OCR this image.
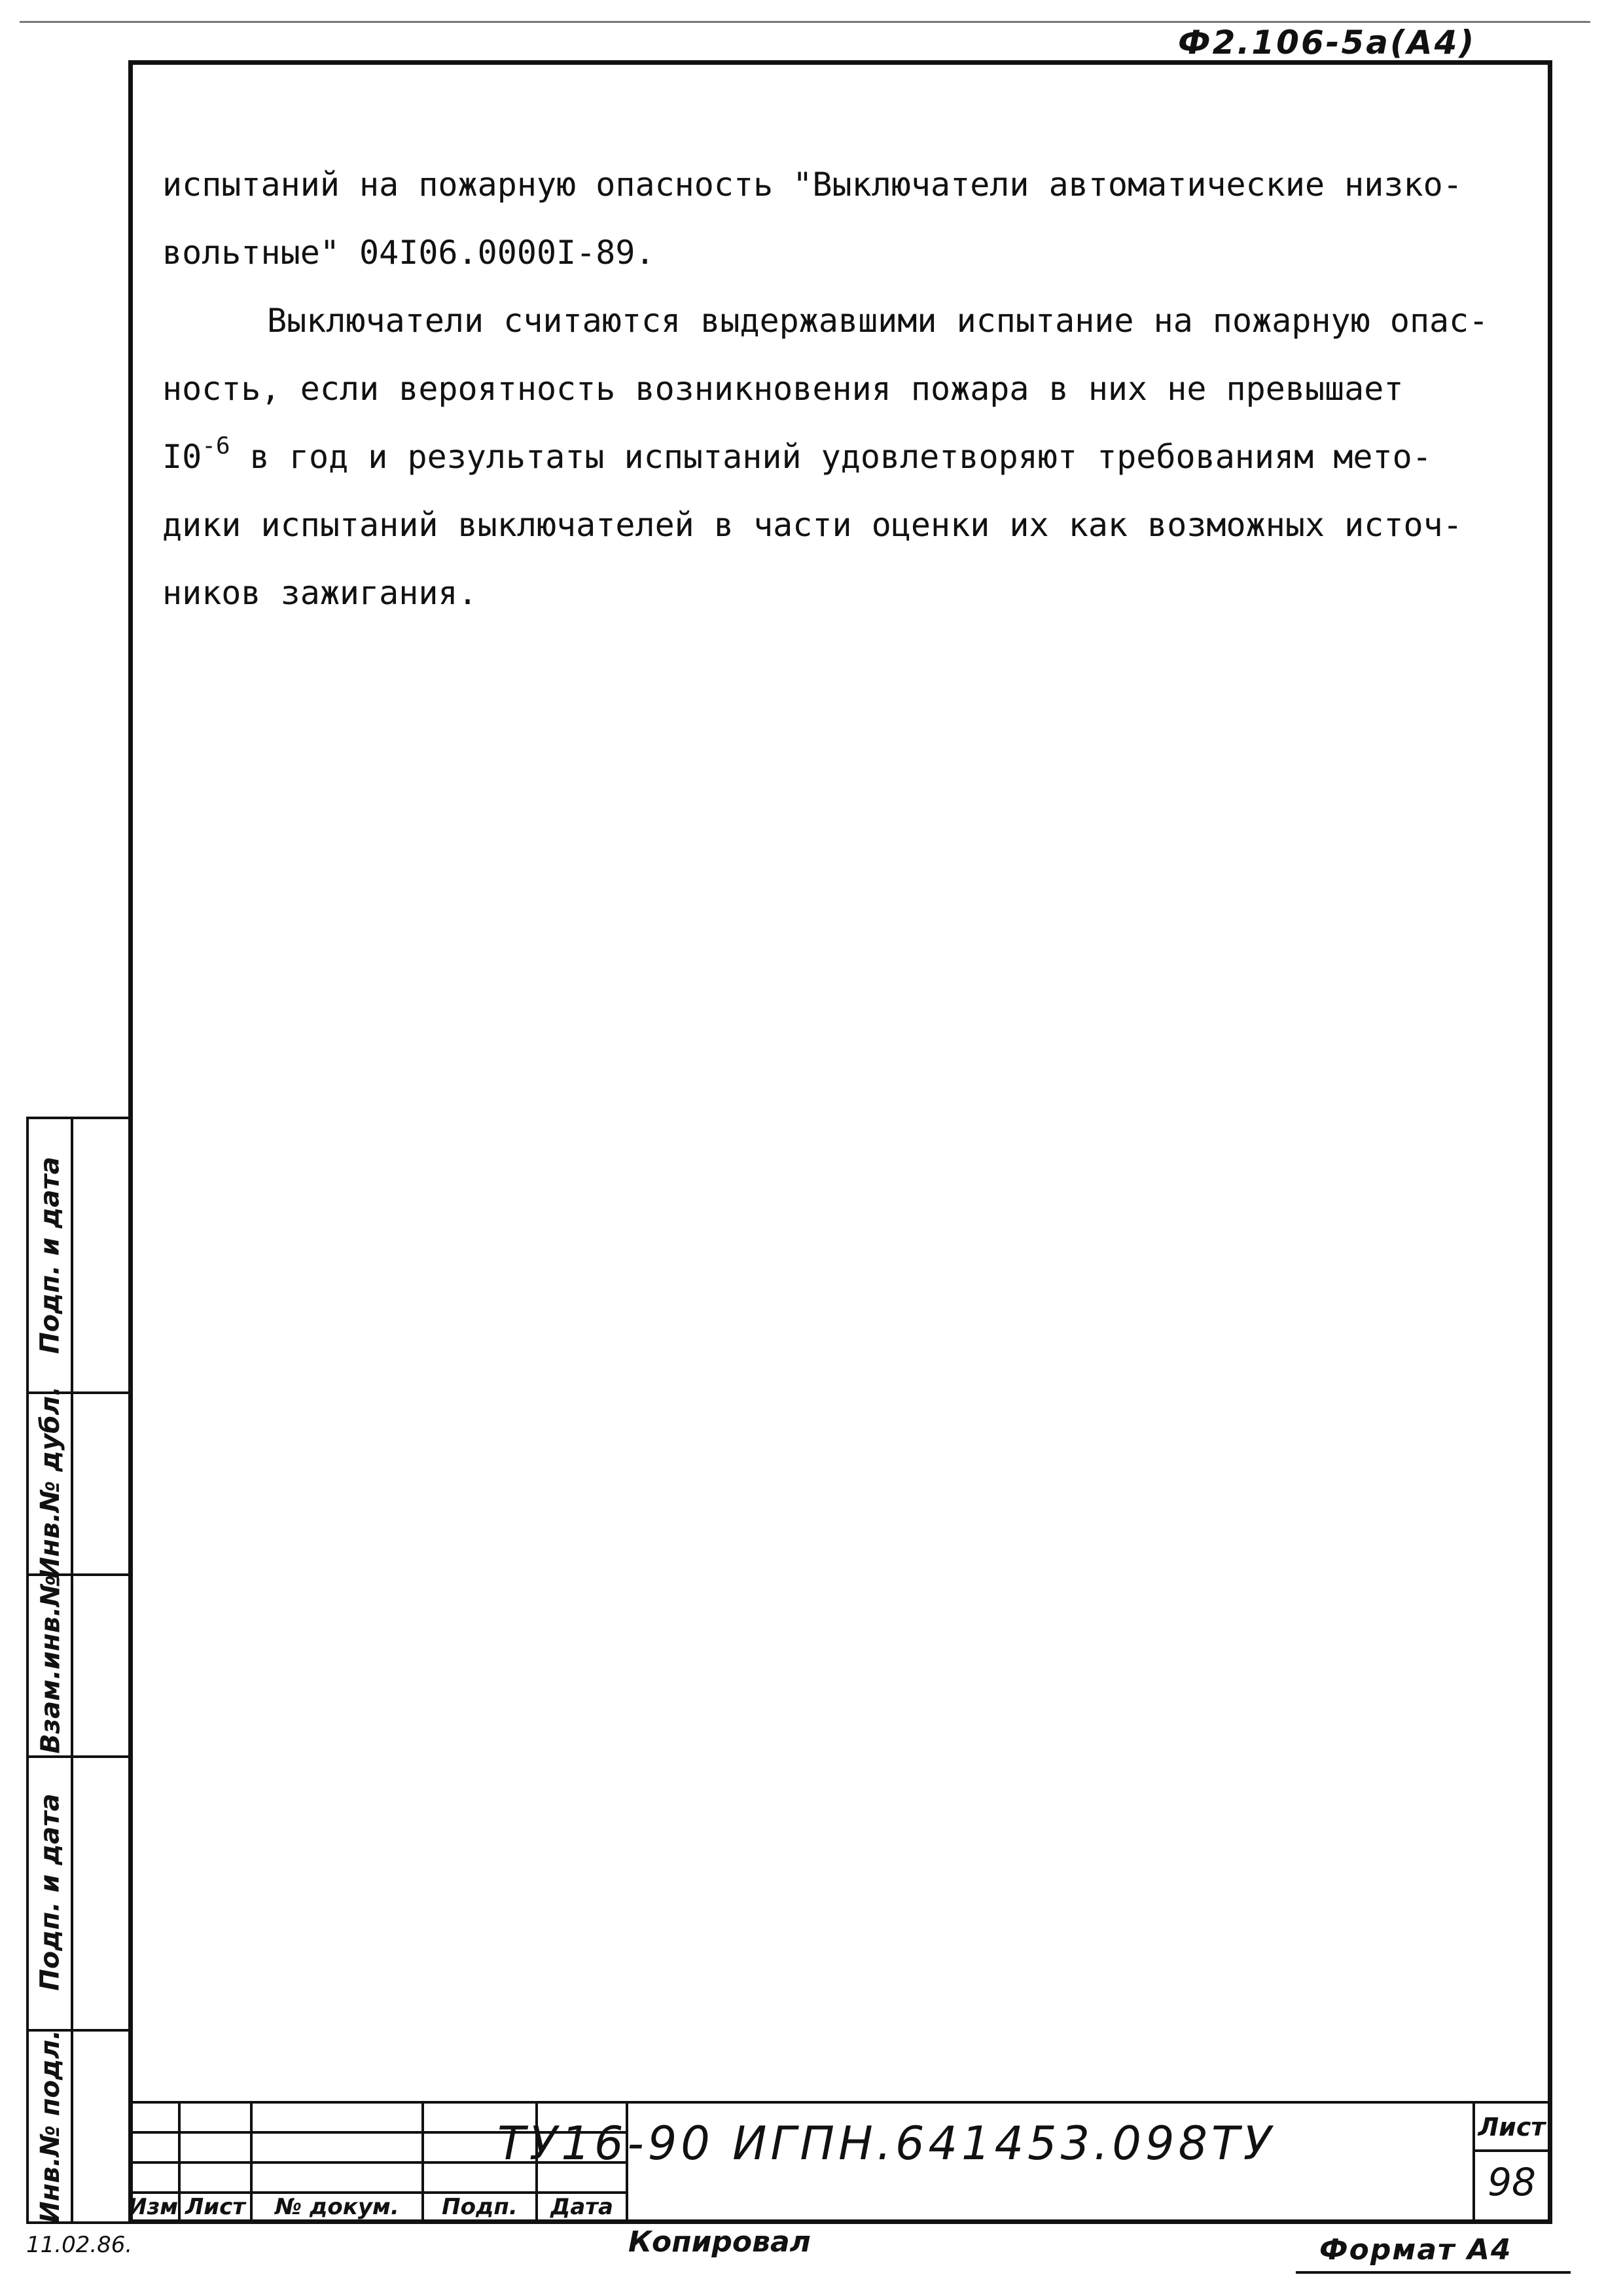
Ф2.106-5а(А4)

испытаний на пожарную опасность "Выключатели автоматические низко-
вольтные" 04I06.0000I-89.

Выключатели считаются выдержавшими испытание на пожарную опас-
ность, если вероятность возникновения пожара в них не превышает
$I0^{-6}$ в год и результаты испытаний удовлетворяют требованиям мето-
дики испытаний выключателей в части оценки их как возможных источ-
ников зажигания.

Подп. и дата
Инв.№ дубл.
Взам.инв.№
Подп. и дата
Инв.№ подл.	Изм Лист	№ докум.	Подп.	Дата
ТУ16-90 ИГПН.641453.098ТУ	Лист
98
11.02.86.	Копировал	Формат А4
